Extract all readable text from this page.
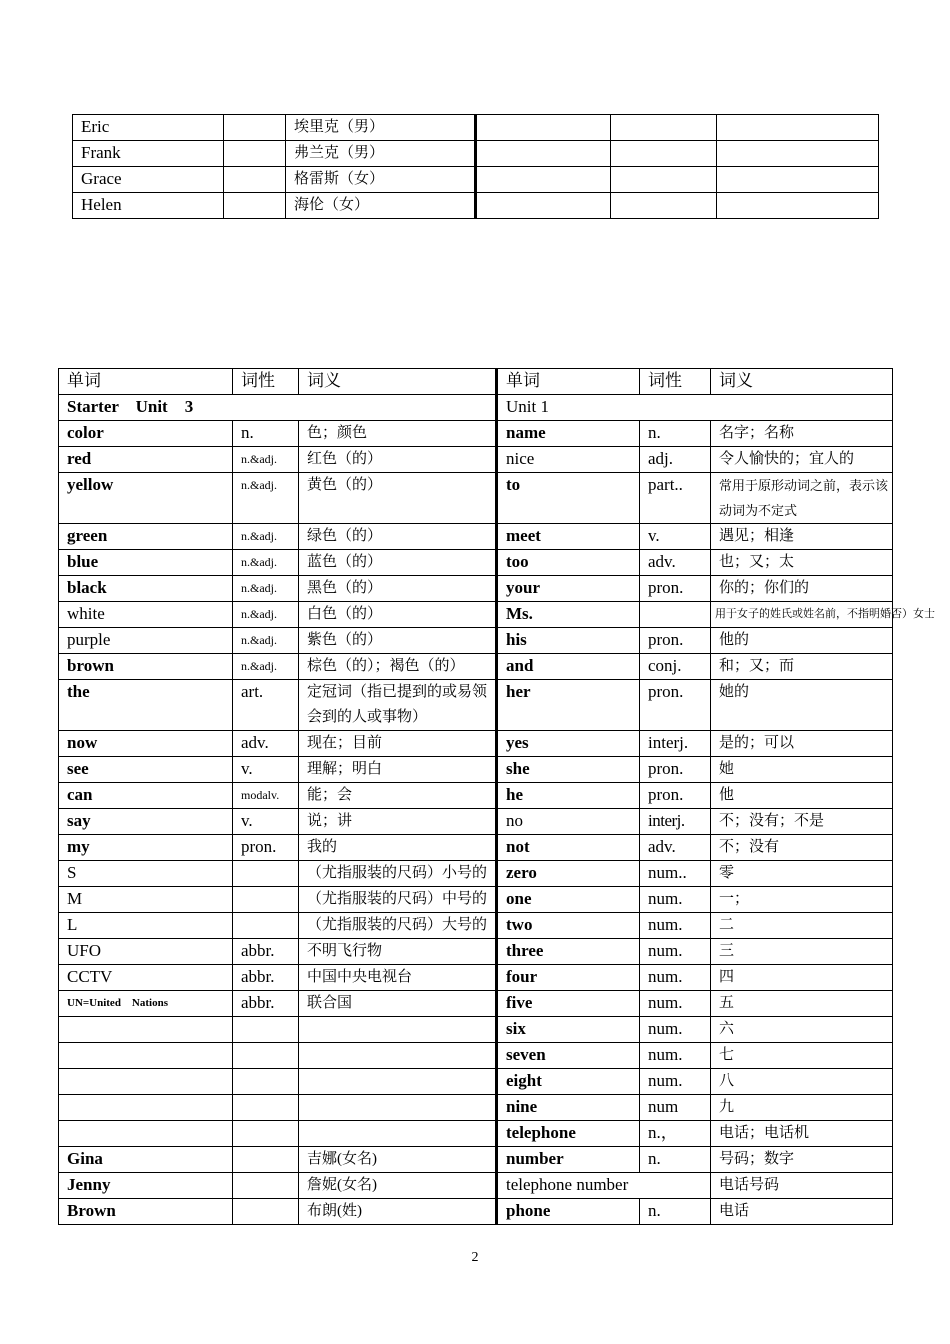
Eric		埃里克（男）			
Frank		弗兰克（男）			
Grace		格雷斯（女）			
Helen		海伦（女）			
单词	词性	词义	单词	词性	词义
Starter    Unit    3			Unit 1		
color	n.	色；颜色	name	n.	名字；名称
red	n.&adj.	红色（的）	nice	adj.	令人愉快的；宜人的
yellow	n.&adj.	黄色（的）	to	part..	常用于原形动词之前，表示该动词为不定式
green	n.&adj.	绿色（的）	meet	v.	遇见；相逢
blue	n.&adj.	蓝色（的）	too	adv.	也；又；太
black	n.&adj.	黑色（的）	your	pron.	你的；你们的
white	n.&adj.	白色（的）	Ms.		用于女子的姓氏或姓名前，不指明婚否）女士
purple	n.&adj.	紫色（的）	his	pron.	他的
brown	n.&adj.	棕色（的）；褐色（的）	and	conj.	和；又；而
the	art.	定冠词（指已提到的或易领会到的人或事物）	her	pron.	她的
now	adv.	现在；目前	yes	interj.	是的；可以
see	v.	理解；明白	she	pron.	她
can	modalv.	能；会	he	pron.	他
say	v.	说；讲	no	interj.	不；没有；不是
my	pron.	我的	not	adv.	不；没有
S		（尤指服装的尺码）小号的	zero	num..	零
M		（尤指服装的尺码）中号的	one	num.	一；
L		（尤指服装的尺码）大号的	two	num.	二
UFO	abbr.	不明飞行物	three	num.	三
CCTV	abbr.	中国中央电视台	four	num.	四
UN=United    Nations	abbr.	联合国	five	num.	五
			six	num.	六
			seven	num.	七
			eight	num.	八
			nine	num	九
			telephone	n.，	电话；电话机
Gina		吉娜(女名)	number	n.	号码；数字
Jenny		詹妮(女名)	telephone number		电话号码
Brown		布朗(姓)	phone	n.	电话
2
